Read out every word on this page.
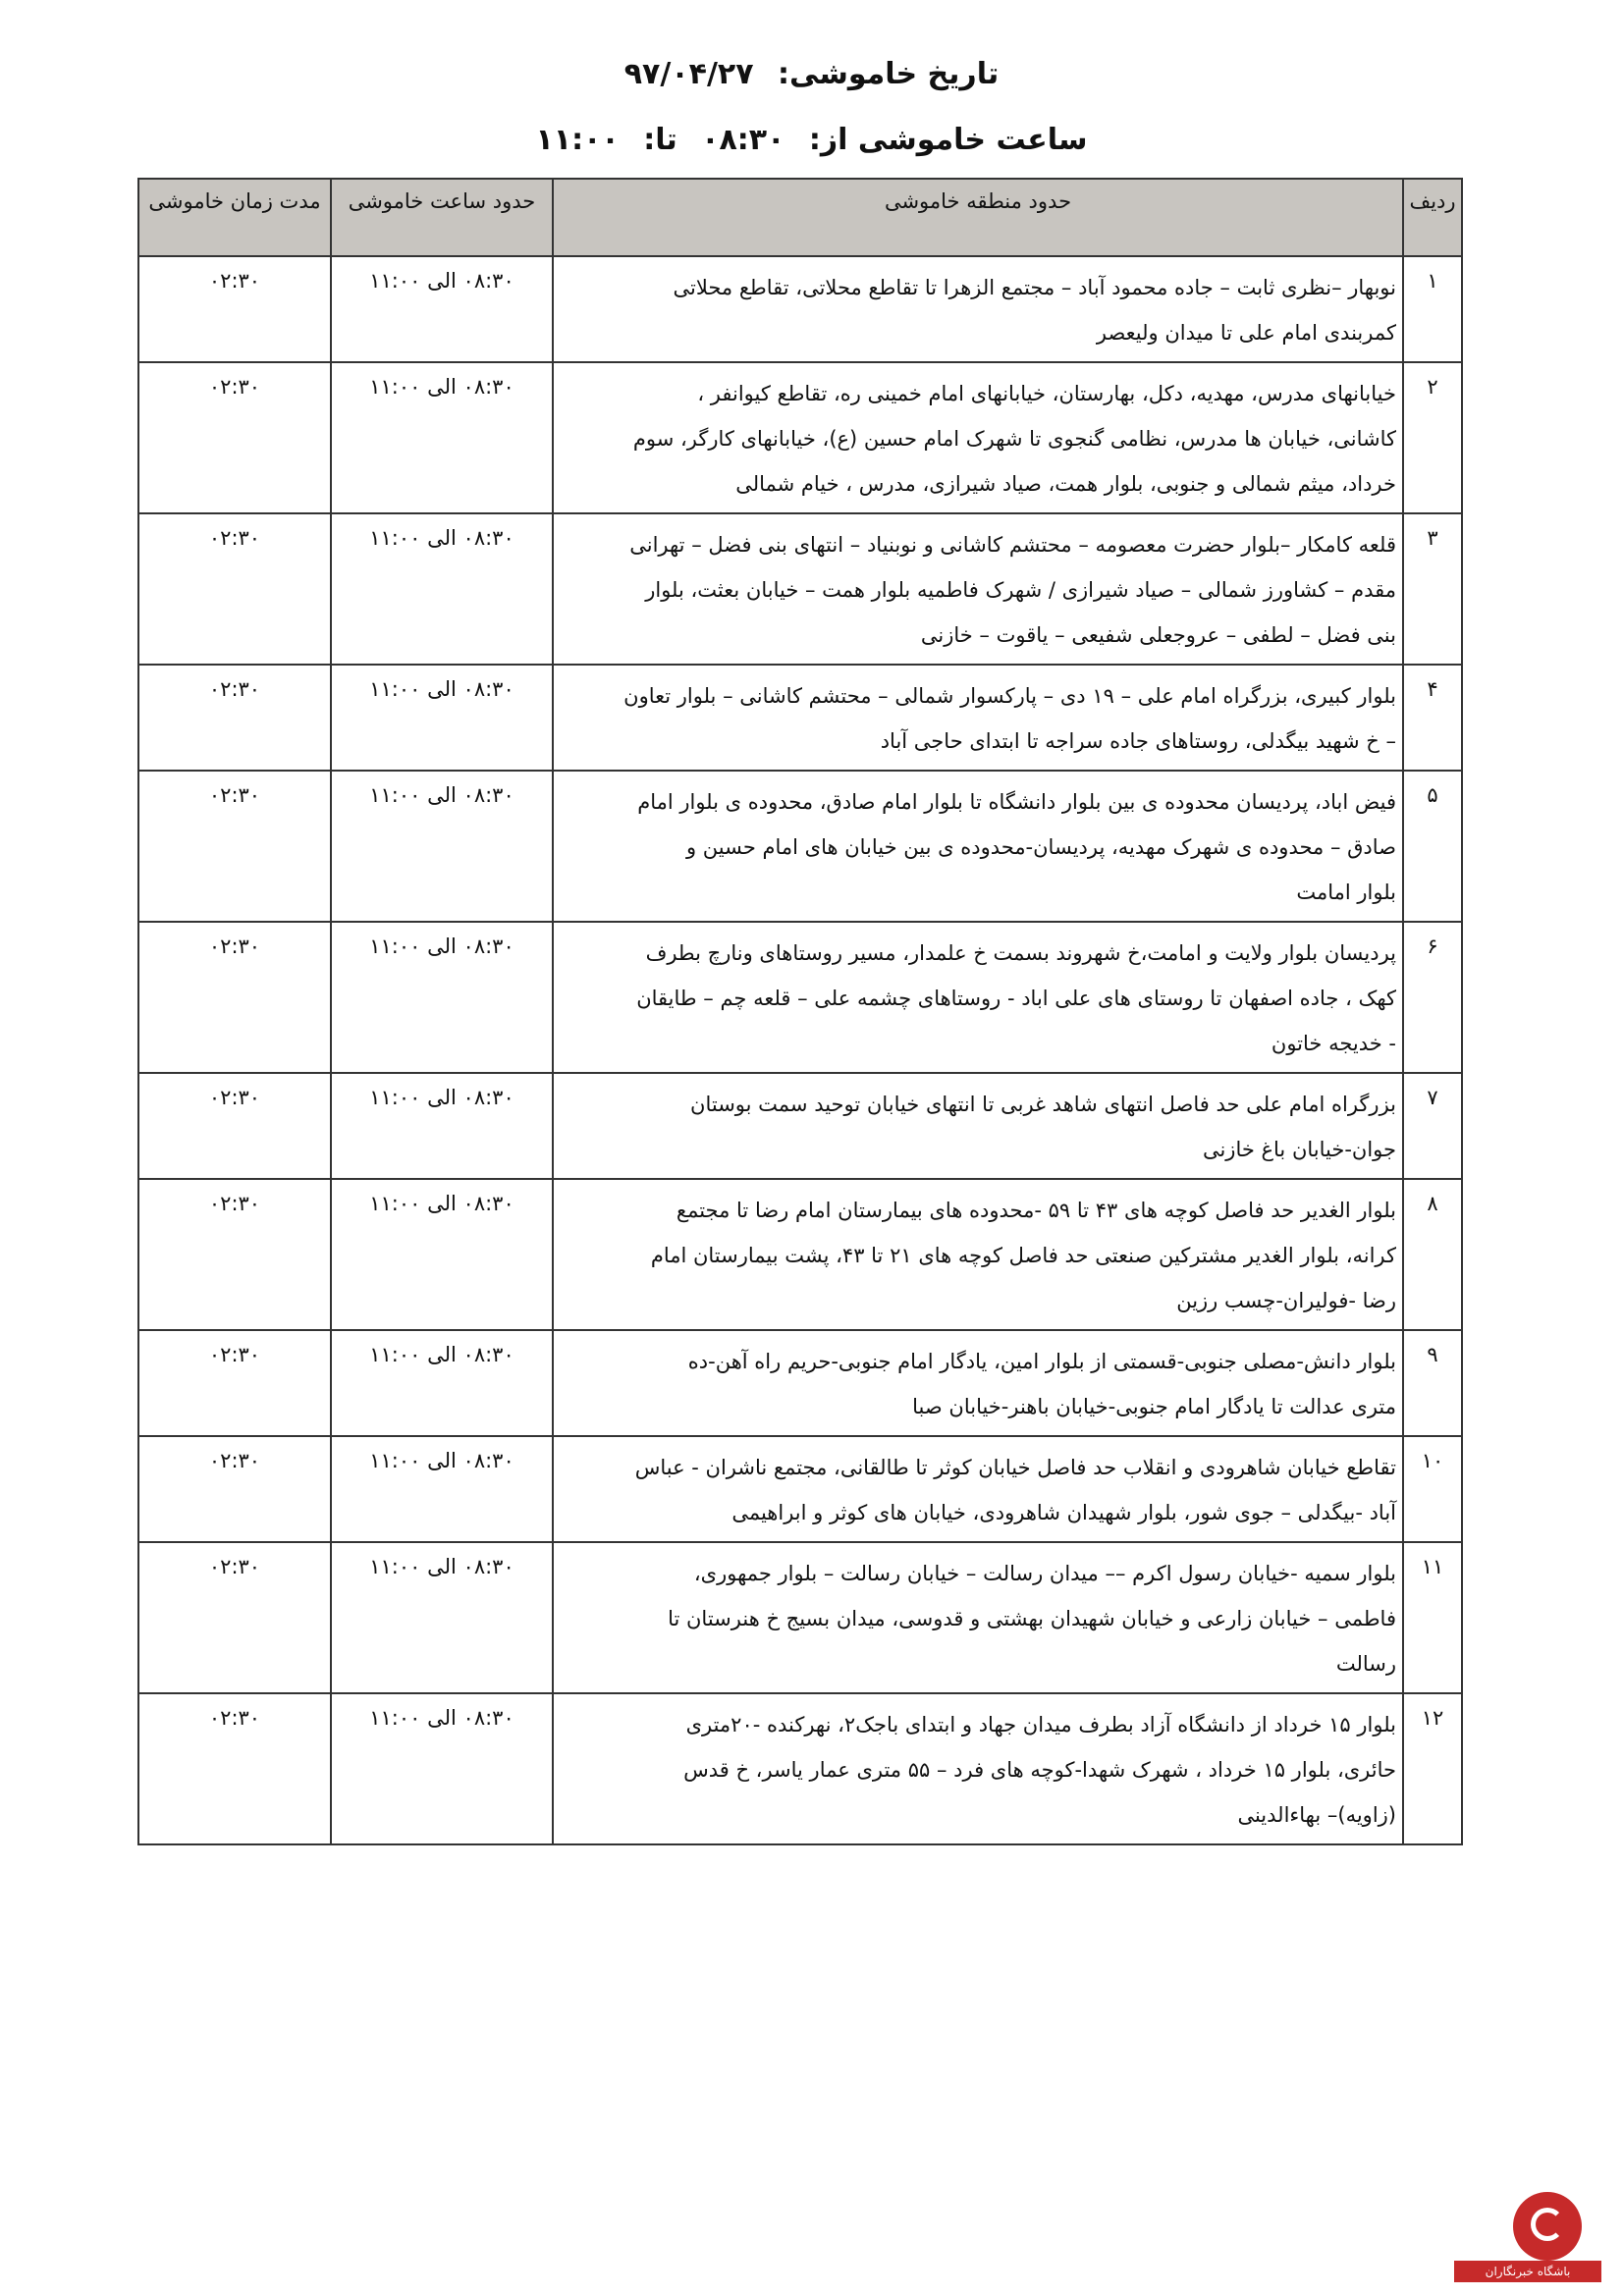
تاریخ خاموشی: ۹۷/۰۴/۲۷
ساعت خاموشی از: ۰۸:۳۰ تا: ۱۱:۰۰
ردیف	حدود منطقه خاموشی	حدود ساعت خاموشی	مدت زمان خاموشی
۱	نوبهار –نظری ثابت – جاده محمود آباد – مجتمع الزهرا تا تقاطع محلاتی، تقاطع محلاتی
کمربندی امام علی تا میدان ولیعصر	۰۸:۳۰ الی ۱۱:۰۰	۰۲:۳۰
۲	خیابانهای مدرس، مهدیه، دکل، بهارستان، خیابانهای امام خمینی ره، تقاطع کیوانفر ،
کاشانی، خیابان ها مدرس، نظامی گنجوی تا شهرک امام حسین (ع)، خیابانهای کارگر، سوم
خرداد، میثم شمالی و جنوبی، بلوار همت، صیاد شیرازی، مدرس ، خیام شمالی	۰۸:۳۰ الی ۱۱:۰۰	۰۲:۳۰
۳	قلعه کامکار –بلوار حضرت معصومه – محتشم کاشانی و نوبنیاد – انتهای بنی فضل – تهرانی
مقدم – کشاورز شمالی – صیاد شیرازی / شهرک فاطمیه بلوار همت – خیابان بعثت، بلوار
بنی فضل – لطفی – عروجعلی شفیعی – یاقوت – خازنی	۰۸:۳۰ الی ۱۱:۰۰	۰۲:۳۰
۴	بلوار کبیری، بزرگراه امام علی – ۱۹ دی – پارکسوار شمالی – محتشم کاشانی – بلوار تعاون
– خ شهید بیگدلی، روستاهای جاده سراجه تا ابتدای حاجی آباد	۰۸:۳۰ الی ۱۱:۰۰	۰۲:۳۰
۵	فیض اباد، پردیسان محدوده ی بین بلوار دانشگاه تا بلوار امام صادق، محدوده ی بلوار امام
صادق – محدوده ی شهرک مهدیه، پردیسان-محدوده ی بین خیابان های امام حسین و
بلوار امامت	۰۸:۳۰ الی ۱۱:۰۰	۰۲:۳۰
۶	پردیسان بلوار ولایت و امامت،خ شهروند بسمت خ علمدار، مسیر روستاهای ونارچ بطرف
کهک ، جاده اصفهان تا روستای های علی اباد - روستاهای چشمه علی – قلعه چم – طایقان
- خدیجه خاتون	۰۸:۳۰ الی ۱۱:۰۰	۰۲:۳۰
۷	بزرگراه امام علی حد فاصل انتهای شاهد غربی تا انتهای خیابان توحید سمت بوستان
جوان-خیابان باغ خازنی	۰۸:۳۰ الی ۱۱:۰۰	۰۲:۳۰
۸	بلوار الغدیر حد فاصل کوچه های ۴۳ تا ۵۹ -محدوده های بیمارستان امام رضا تا مجتمع
کرانه، بلوار الغدیر مشترکین صنعتی حد فاصل کوچه های ۲۱ تا ۴۳، پشت بیمارستان امام
رضا -فولیران-چسب رزین	۰۸:۳۰ الی ۱۱:۰۰	۰۲:۳۰
۹	بلوار دانش-مصلی جنوبی-قسمتی از بلوار امین، یادگار امام جنوبی-حریم راه آهن-ده
متری عدالت تا یادگار امام جنوبی-خیابان باهنر-خیابان صبا	۰۸:۳۰ الی ۱۱:۰۰	۰۲:۳۰
۱۰	تقاطع خیابان شاهرودی و انقلاب حد فاصل خیابان کوثر تا طالقانی، مجتمع ناشران - عباس
آباد -بیگدلی – جوی شور، بلوار شهیدان شاهرودی، خیابان های کوثر و ابراهیمی	۰۸:۳۰ الی ۱۱:۰۰	۰۲:۳۰
۱۱	بلوار سمیه -خیابان رسول اکرم –– میدان رسالت – خیابان رسالت – بلوار جمهوری،
فاطمی – خیابان زارعی و خیابان شهیدان بهشتی و قدوسی، میدان بسیج خ هنرستان تا
رسالت	۰۸:۳۰ الی ۱۱:۰۰	۰۲:۳۰
۱۲	بلوار ۱۵ خرداد از دانشگاه آزاد بطرف میدان جهاد و ابتدای باجک۲، نهرکنده -۲۰متری
حائری، بلوار ۱۵ خرداد ، شهرک شهدا-کوچه های فرد – ۵۵ متری عمار یاسر، خ قدس
(زاویه)– بهاءالدینی	۰۸:۳۰ الی ۱۱:۰۰	۰۲:۳۰
باشگاه خبرنگاران
